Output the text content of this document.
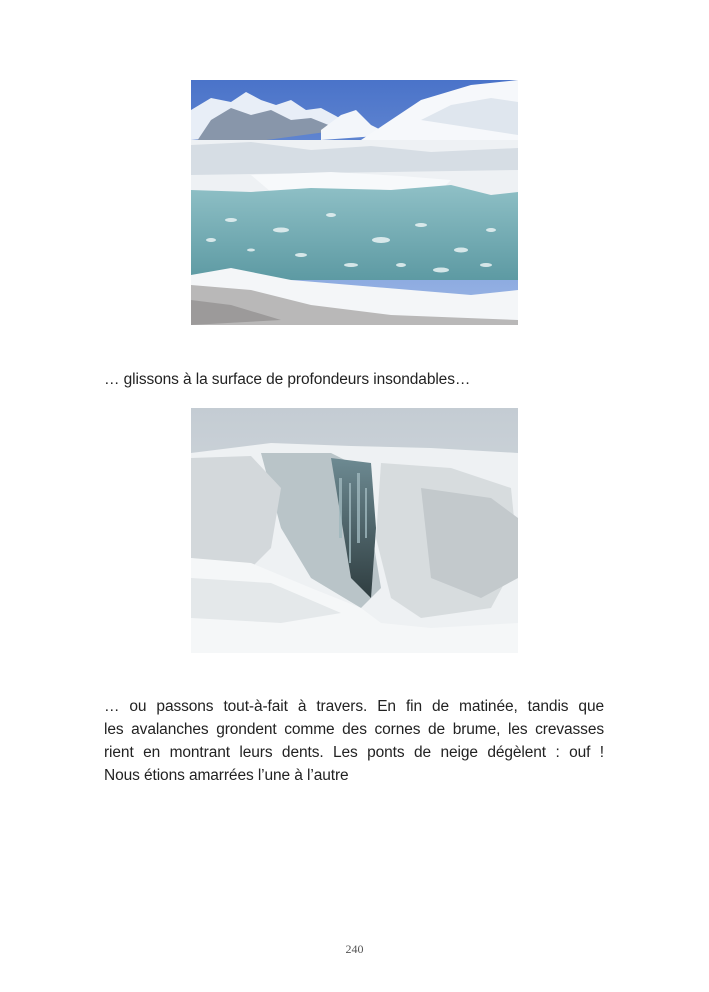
… glissons à la surface de profondeurs insondables…
… ou passons tout-à-fait à travers. En fin de matinée, tandis que
les avalanches grondent comme des cornes de brume, les crevasses
rient en montrant leurs dents. Les ponts de neige dégèlent : ouf !
Nous étions amarrées l’une à l’autre
240
